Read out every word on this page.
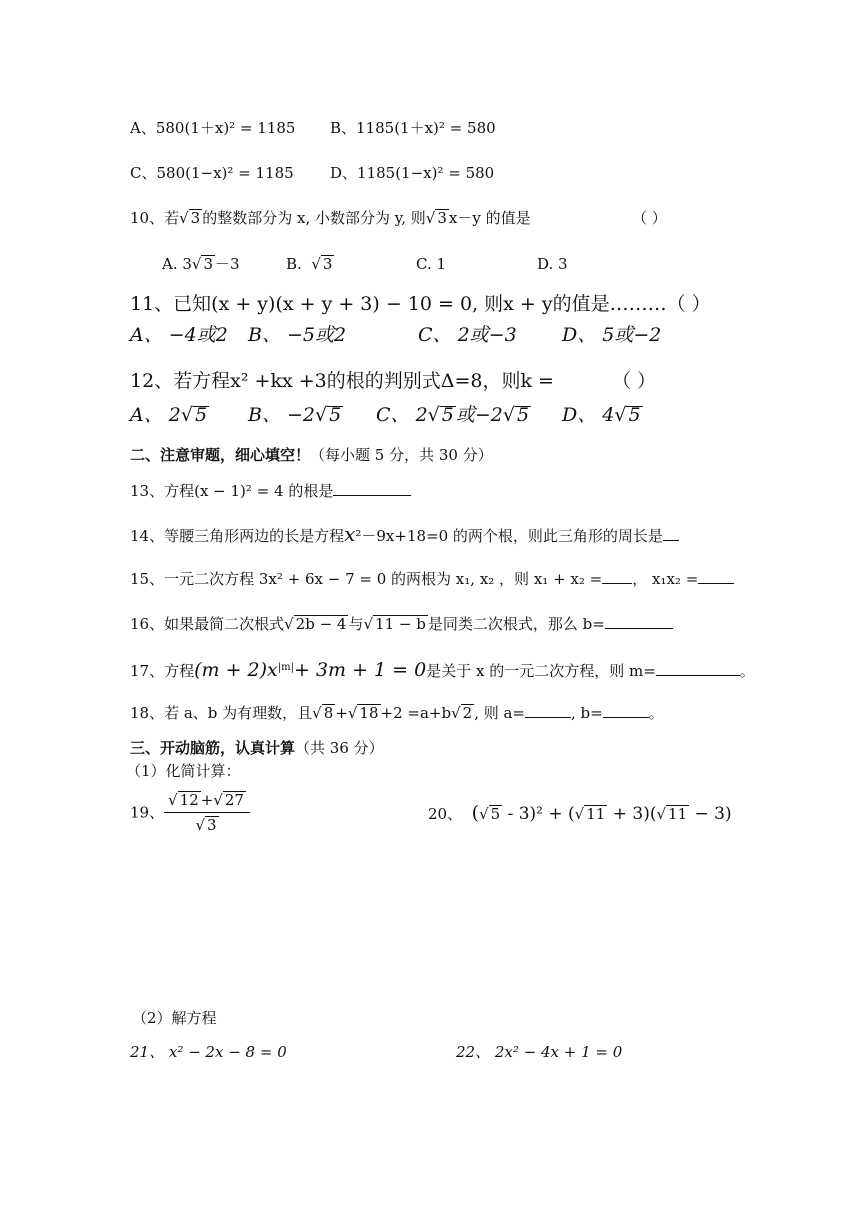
A、580(1＋x)² = 1185 B、1185(1＋x)² = 580
C、580(1−x)² = 1185 D、1185(1−x)² = 580
10、若√ 3 的整数部分为 x, 小数部分为 y, 则√ 3 x－y 的值是	（ ）
A. 3√ 3 －3	B. √ 3	C. 1	D. 3
11、已知(x + y)(x + y + 3) − 10 = 0, 则x + y的值是………（ ）
A、 −4或2 B、 −5或2	C、 2或−3 D、 5或−2
12、若方程x² +kx +3的根的判别式Δ=8，则k =	（ ）
A、 2√ 5 B、 −2√ 5 C、 2√ 5 或−2√ 5 D、 4√ 5
二、注意审题，细心填空！（每小题 5 分，共 30 分）
13、方程(x − 1)² = 4 的根是
14、等腰三角形两边的长是方程x²－9x+18=0 的两个根，则此三角形的周长是
15、一元二次方程 3x² + 6x − 7 = 0 的两根为 x₁, x₂ ，则 x₁ + x₂ = ， x₁x₂ =
16、如果最简二次根式√ 2b − 4 与√ 11 − b 是同类二次根式，那么 b=
17、方程$(m + 2)x^{|m|}+ 3m + 1 = 0$是关于 x 的一元二次方程，则 m=	。
18、若 a、b 为有理数，且√ 8 +√ 18 +2 =a+b√ 2 , 则 a=	, b=	。
三、开动脑筋，认真计算（共 36 分）
（1）化简计算：
19、 $\frac{√ 12 +√ 27}{√ 3}$	20、 (√ 5 - 3)² + (√ 11 + 3)(√ 11 − 3)
（2）解方程
21、 x² − 2x − 8 = 0	22、 2x² − 4x + 1 = 0
